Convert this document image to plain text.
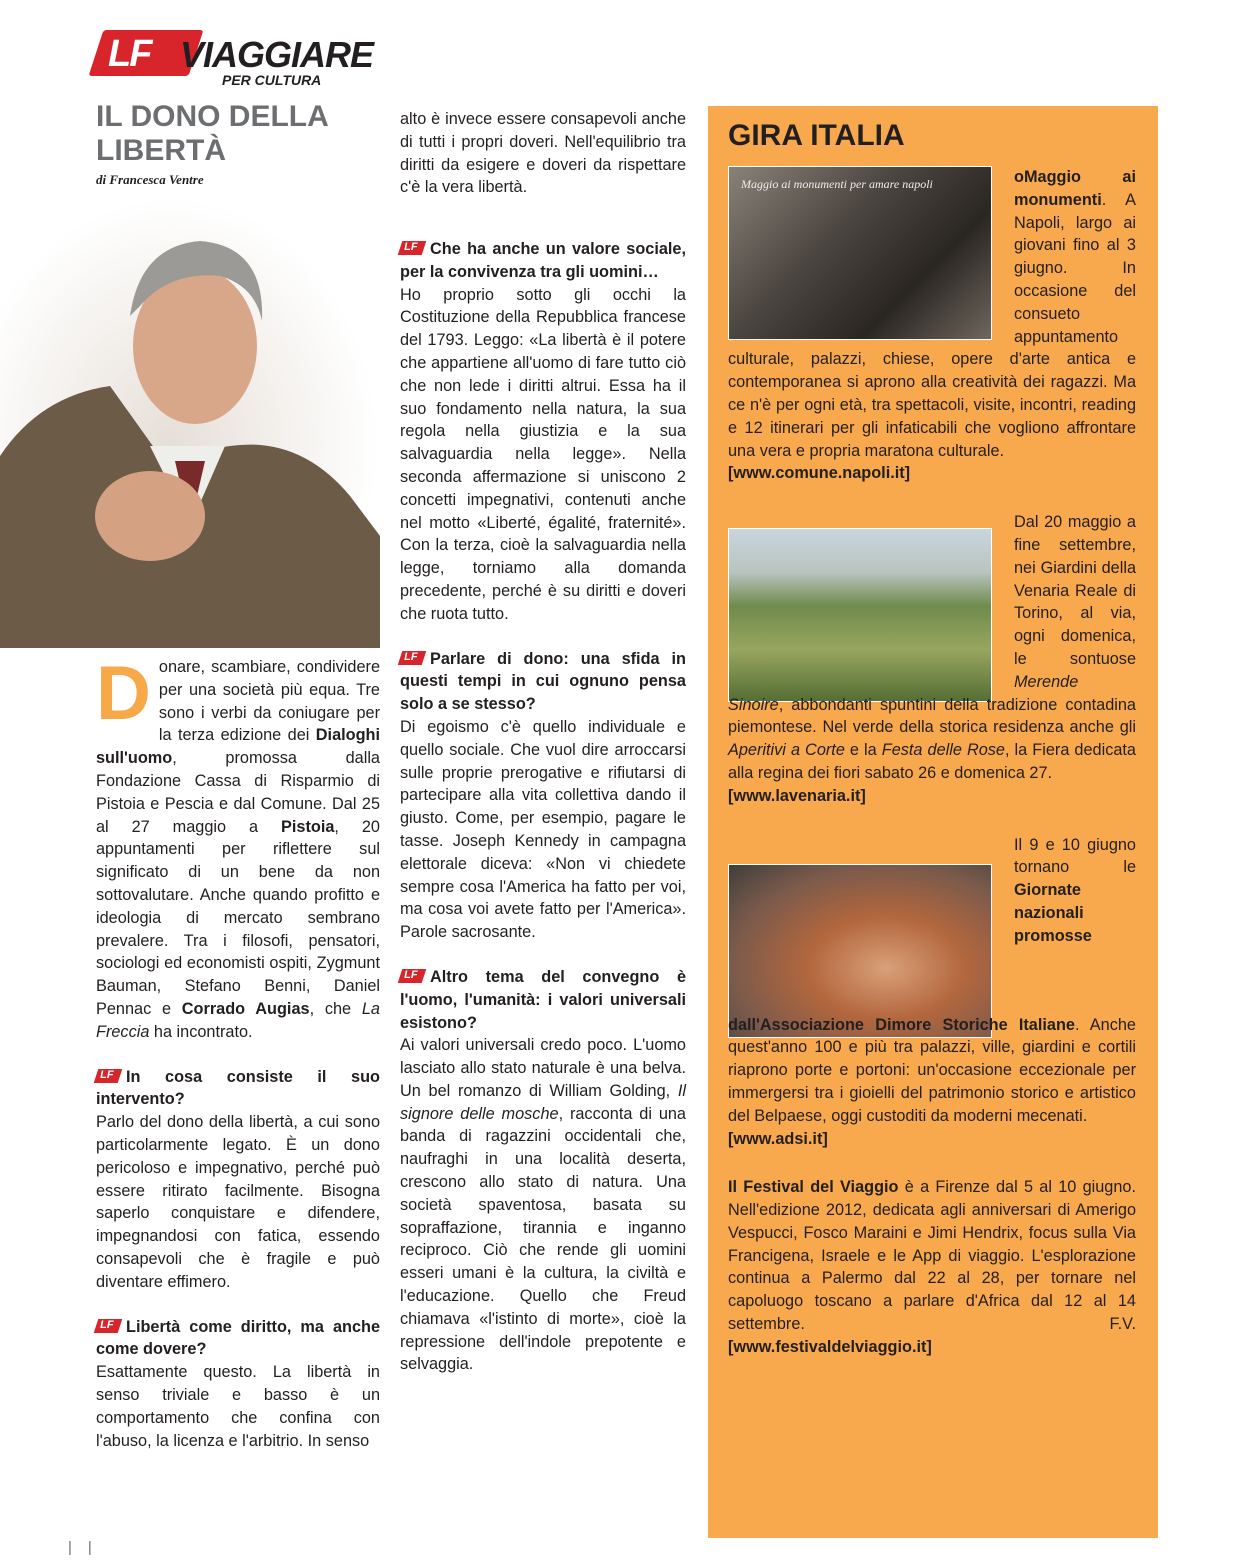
LF VIAGGIARE
PER CULTURA
IL DONO DELLA LIBERTÀ
di Francesca Ventre

Donare, scambiare, condividere per una società più equa. Tre sono i verbi da coniugare per la terza edizione dei Dialoghi sull'uomo, promossa dalla Fondazione Cassa di Risparmio di Pistoia e Pescia e dal Comune. Dal 25 al 27 maggio a Pistoia, 20 appuntamenti per riflettere sul significato di un bene da non sottovalutare. Anche quando profitto e ideologia di mercato sembrano prevalere. Tra i filosofi, pensatori, sociologi ed economisti ospiti, Zygmunt Bauman, Stefano Benni, Daniel Pennac e Corrado Augias, che La Freccia ha incontrato.

LFIn cosa consiste il suo intervento?

Parlo del dono della libertà, a cui sono particolarmente legato. È un dono pericoloso e impegnativo, perché può essere ritirato facilmente. Bisogna saperlo conquistare e difendere, impegnandosi con fatica, essendo consapevoli che è fragile e può diventare effimero.

LFLibertà come diritto, ma anche come dovere?

Esattamente questo. La libertà in senso triviale e basso è un comportamento che confina con l'abuso, la licenza e l'arbitrio. In senso

alto è invece essere consapevoli anche di tutti i propri doveri. Nell'equilibrio tra diritti da esigere e doveri da rispettare c'è la vera libertà.

LFChe ha anche un valore sociale, per la convivenza tra gli uomini…

Ho proprio sotto gli occhi la Costituzione della Repubblica francese del 1793. Leggo: «La libertà è il potere che appartiene all'uomo di fare tutto ciò che non lede i diritti altrui. Essa ha il suo fondamento nella natura, la sua regola nella giustizia e la sua salvaguardia nella legge». Nella seconda affermazione si uniscono 2 concetti impegnativi, contenuti anche nel motto «Liberté, égalité, fraternité». Con la terza, cioè la salvaguardia nella legge, torniamo alla domanda precedente, perché è su diritti e doveri che ruota tutto.

LFParlare di dono: una sfida in questi tempi in cui ognuno pensa solo a se stesso?

Di egoismo c'è quello individuale e quello sociale. Che vuol dire arroccarsi sulle proprie prerogative e rifiutarsi di partecipare alla vita collettiva dando il giusto. Come, per esempio, pagare le tasse. Joseph Kennedy in campagna elettorale diceva: «Non vi chiedete sempre cosa l'America ha fatto per voi, ma cosa voi avete fatto per l'America». Parole sacrosante.

LFAltro tema del convegno è l'uomo, l'umanità: i valori universali esistono?

Ai valori universali credo poco. L'uomo lasciato allo stato naturale è una belva. Un bel romanzo di William Golding, Il signore delle mosche, racconta di una banda di ragazzini occidentali che, naufraghi in una località deserta, crescono allo stato di natura. Una società spaventosa, basata su sopraffazione, tirannia e inganno reciproco. Ciò che rende gli uomini esseri umani è la cultura, la civiltà e l'educazione. Quello che Freud chiamava «l'istinto di morte», cioè la repressione dell'indole prepotente e selvaggia.

GIRA ITALIA
Maggio ai monumenti per amare napoli	oMaggio ai monumenti. A Napoli, largo ai giovani fino al 3 giugno. In occasione del consueto appuntamento culturale, palazzi, chiese, opere d'arte antica e contemporanea si aprono alla creatività dei ragazzi. Ma ce n'è per ogni età, tra spettacoli, visite, incontri, reading e 12 itinerari per gli infaticabili che vogliono affrontare una vera e propria maratona culturale.

[www.comune.napoli.it]

Dal 20 maggio a fine settembre, nei Giardini della Venaria Reale di Torino, al via, ogni domenica, le sontuose Merende Sinoire, abbondanti spuntini della tradizione contadina piemontese. Nel verde della storica residenza anche gli Aperitivi a Corte e la Festa delle Rose, la Fiera dedicata alla regina dei fiori sabato 26 e domenica 27.

[www.lavenaria.it]

Il 9 e 10 giugno tornano le Giornate nazionali promosse dall'Associazione Dimore Storiche Italiane. Anche quest'anno 100 e più tra palazzi, ville, giardini e cortili riaprono porte e portoni: un'occasione eccezionale per immergersi tra i gioielli del patrimonio storico e artistico del Belpaese, oggi custoditi da moderni mecenati.

[www.adsi.it]

Il Festival del Viaggio è a Firenze dal 5 al 10 giugno. Nell'edizione 2012, dedicata agli anniversari di Amerigo Vespucci, Fosco Maraini e Jimi Hendrix, focus sulla Via Francigena, Israele e le App di viaggio. L'esplorazione continua a Palermo dal 22 al 28, per tornare nel capoluogo toscano a parlare d'Africa dal 12 al 14 settembre.	F.V.

[www.festivaldelviaggio.it]

| |
